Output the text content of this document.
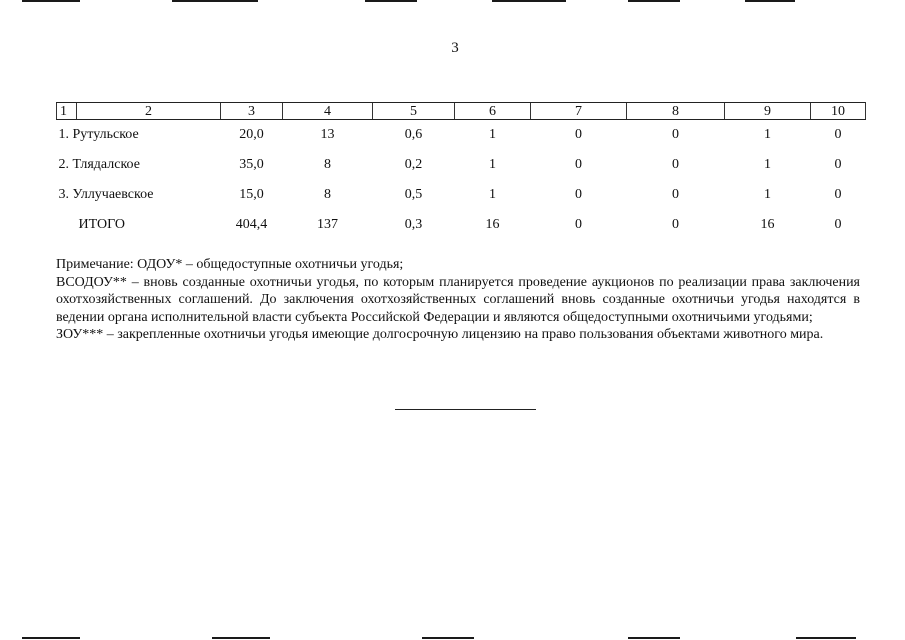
3
1	2	3	4	5	6	7	8	9	10
1. Рутульское		20,0	13	0,6	1	0	0	1	0
2. Тлядалское		35,0	8	0,2	1	0	0	1	0
3. Уллучаевское		15,0	8	0,5	1	0	0	1	0
ИТОГО		404,4	137	0,3	16	0	0	16	0

Примечание: ОДОУ* – общедоступные охотничьи угодья;

ВСОДОУ** – вновь созданные охотничьи угодья, по которым планируется проведение аукционов по реализации права заключения охотхозяйственных соглашений. До заключения охотхозяйственных соглашений вновь созданные охотничьи угодья находятся в ведении органа исполнительной власти субъекта Российской Федерации и являются общедоступными охотничьими угодьями;

ЗОУ*** – закрепленные охотничьи угодья имеющие долгосрочную лицензию на право пользования объектами животного мира.
